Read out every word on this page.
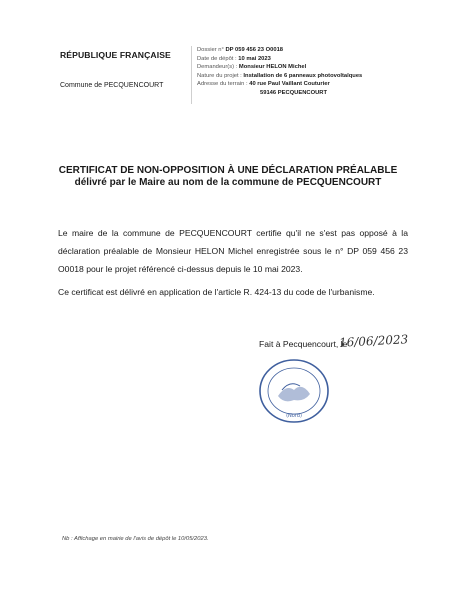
RÉPUBLIQUE FRANÇAISE
Commune de PECQUENCOURT
Dossier n° DP 059 456 23 O0018
Date de dépôt : 10 mai 2023
Demandeur(s) : Monsieur HELON Michel
Nature du projet : Installation de 6 panneaux photovoltaïques
Adresse du terrain : 40 rue Paul Vaillant Couturier
59146 PECQUENCOURT
CERTIFICAT DE NON-OPPOSITION À UNE DÉCLARATION PRÉALABLE
délivré par le Maire au nom de la commune de PECQUENCOURT
Le maire de la commune de PECQUENCOURT certifie qu'il ne s'est pas opposé à la déclaration préalable de Monsieur HELON Michel enregistrée sous le n° DP 059 456 23 O0018 pour le projet référencé ci-dessus depuis le 10 mai 2023.
Ce certificat est délivré en application de l'article R. 424-13 du code de l'urbanisme.
Fait à Pecquencourt, le
16/06/2023
(Nord)
Nb : Affichage en mairie de l'avis de dépôt le 10/05/2023.
